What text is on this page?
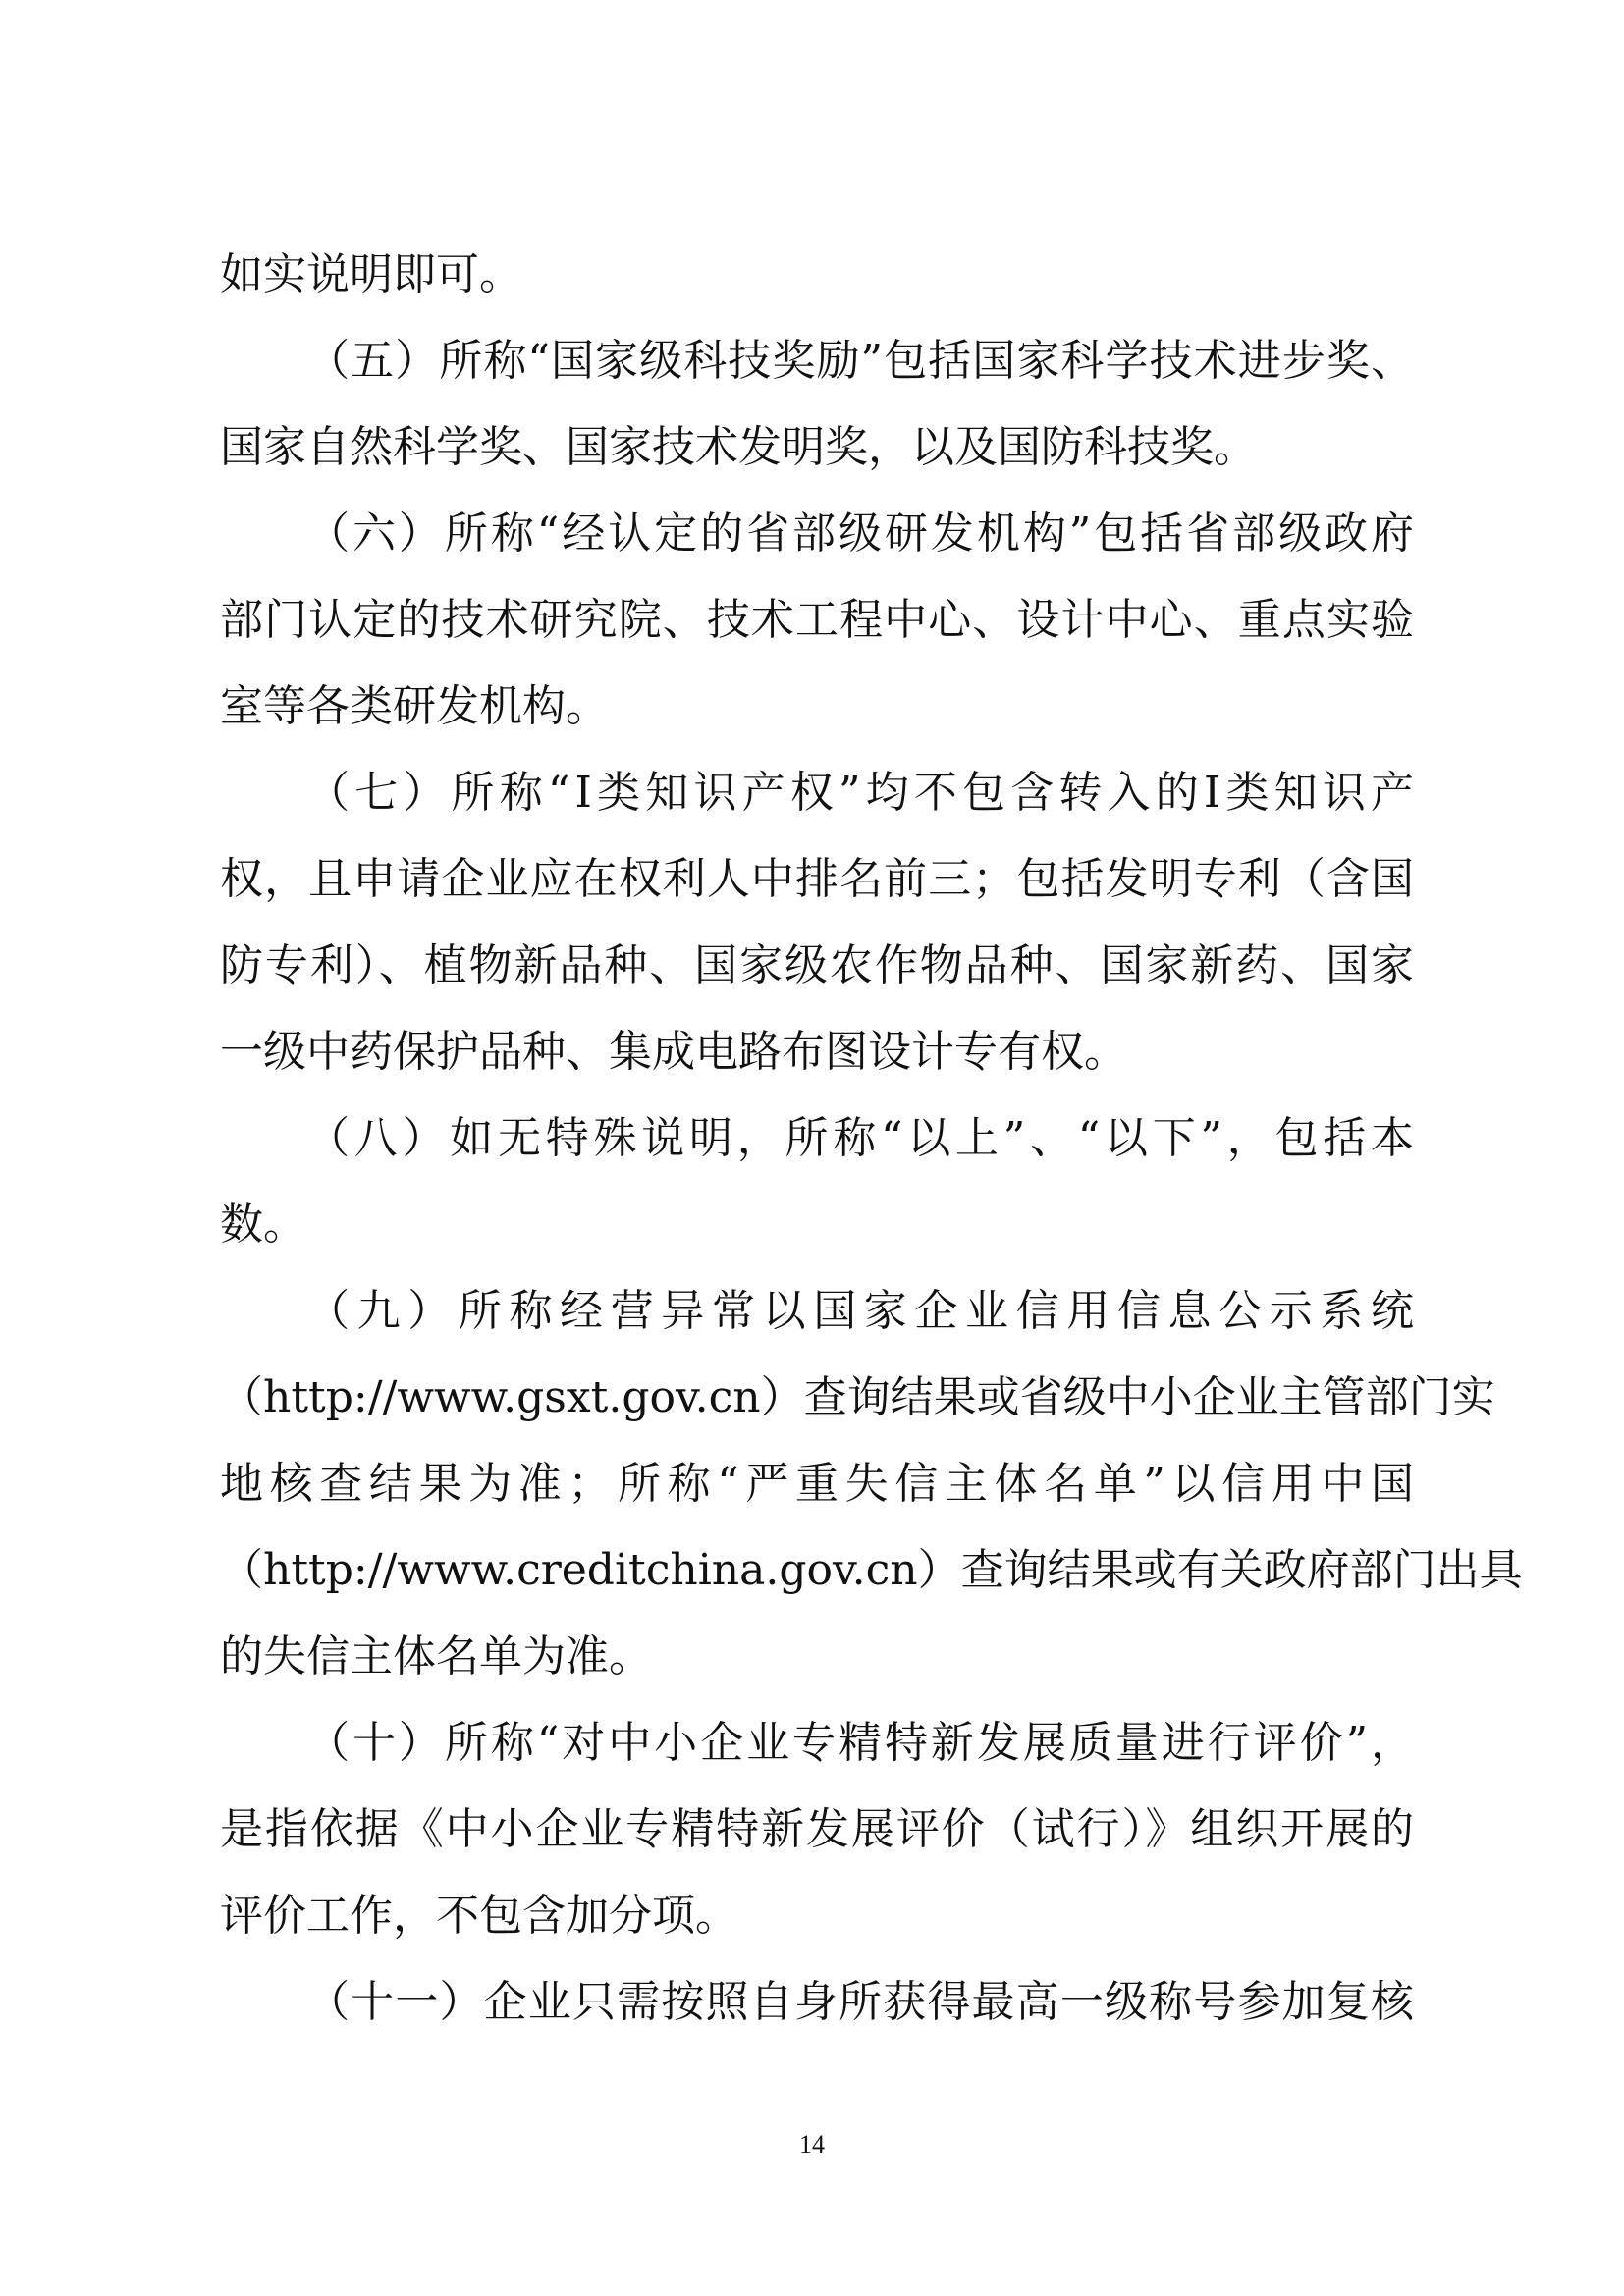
如实说明即可。
（五）所称“国家级科技奖励”包括国家科学技术进步奖、
国家自然科学奖、国家技术发明奖，以及国防科技奖。
（六）所称“经认定的省部级研发机构”包括省部级政府
部门认定的技术研究院、技术工程中心、设计中心、重点实验
室等各类研发机构。
（七）所称“Ⅰ类知识产权”均不包含转入的Ⅰ类知识产
权，且申请企业应在权利人中排名前三；包括发明专利（含国
防专利）、植物新品种、国家级农作物品种、国家新药、国家
一级中药保护品种、集成电路布图设计专有权。
（八）如无特殊说明，所称“以上”、“以下”，包括本
数。
（九）所称经营异常以国家企业信用信息公示系统
（http://www.gsxt.gov.cn）查询结果或省级中小企业主管部门实
地核查结果为准；所称“严重失信主体名单”以信用中国
（http://www.creditchina.gov.cn）查询结果或有关政府部门出具
的失信主体名单为准。
（十）所称“对中小企业专精特新发展质量进行评价”，
是指依据《中小企业专精特新发展评价（试行）》组织开展的
评价工作，不包含加分项。
（十一）企业只需按照自身所获得最高一级称号参加复核
14
